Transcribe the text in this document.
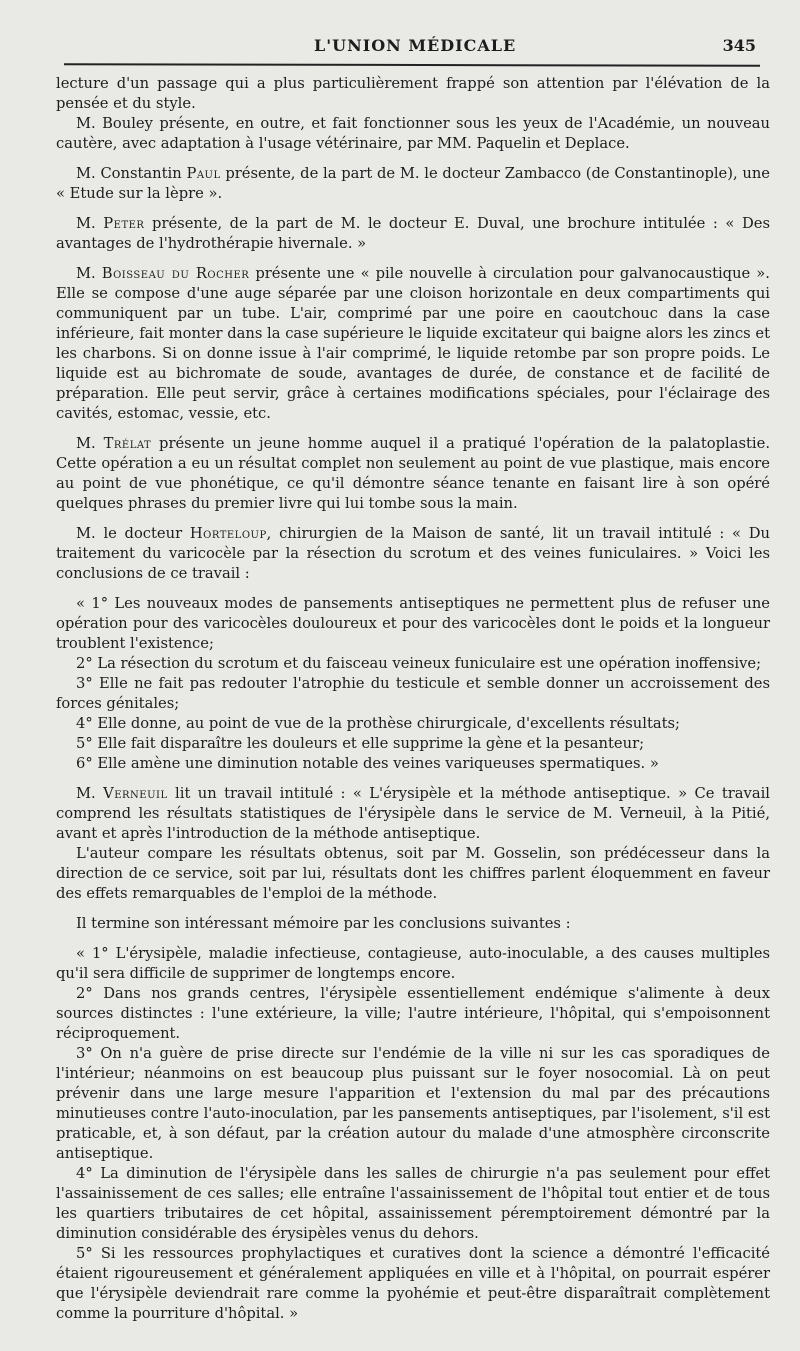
L'UNION MÉDICALE	345

lecture d'un passage qui a plus particulièrement frappé son attention par l'élévation de la pensée et du style.

M. Bouley présente, en outre, et fait fonctionner sous les yeux de l'Académie, un nouveau cautère, avec adaptation à l'usage vétérinaire, par MM. Paquelin et Deplace.

M. Constantin Paul présente, de la part de M. le docteur Zambacco (de Constantinople), une « Etude sur la lèpre ».

M. Peter présente, de la part de M. le docteur E. Duval, une brochure intitulée : « Des avantages de l'hydrothérapie hivernale. »

M. Boisseau du Rocher présente une « pile nouvelle à circulation pour galvanocaustique ». Elle se compose d'une auge séparée par une cloison horizontale en deux compartiments qui communiquent par un tube. L'air, comprimé par une poire en caoutchouc dans la case inférieure, fait monter dans la case supérieure le liquide excitateur qui baigne alors les zincs et les charbons. Si on donne issue à l'air comprimé, le liquide retombe par son propre poids. Le liquide est au bichromate de soude, avantages de durée, de constance et de facilité de préparation. Elle peut servir, grâce à certaines modifications spéciales, pour l'éclairage des cavités, estomac, vessie, etc.

M. Trélat présente un jeune homme auquel il a pratiqué l'opération de la palatoplastie. Cette opération a eu un résultat complet non seulement au point de vue plastique, mais encore au point de vue phonétique, ce qu'il démontre séance tenante en faisant lire à son opéré quelques phrases du premier livre qui lui tombe sous la main.

M. le docteur Horteloup, chirurgien de la Maison de santé, lit un travail intitulé : « Du traitement du varicocèle par la résection du scrotum et des veines funiculaires. » Voici les conclusions de ce travail :

« 1° Les nouveaux modes de pansements antiseptiques ne permettent plus de refuser une opération pour des varicocèles douloureux et pour des varicocèles dont le poids et la longueur troublent l'existence;

2° La résection du scrotum et du faisceau veineux funiculaire est une opération inoffensive;

3° Elle ne fait pas redouter l'atrophie du testicule et semble donner un accroissement des forces génitales;

4° Elle donne, au point de vue de la prothèse chirurgicale, d'excellents résultats;

5° Elle fait disparaître les douleurs et elle supprime la gène et la pesanteur;

6° Elle amène une diminution notable des veines variqueuses spermatiques. »

M. Verneuil lit un travail intitulé : « L'érysipèle et la méthode antiseptique. » Ce travail comprend les résultats statistiques de l'érysipèle dans le service de M. Verneuil, à la Pitié, avant et après l'introduction de la méthode antiseptique.

L'auteur compare les résultats obtenus, soit par M. Gosselin, son prédécesseur dans la direction de ce service, soit par lui, résultats dont les chiffres parlent éloquemment en faveur des effets remarquables de l'emploi de la méthode.

Il termine son intéressant mémoire par les conclusions suivantes :

« 1° L'érysipèle, maladie infectieuse, contagieuse, auto-inoculable, a des causes multiples qu'il sera difficile de supprimer de longtemps encore.

2° Dans nos grands centres, l'érysipèle essentiellement endémique s'alimente à deux sources distinctes : l'une extérieure, la ville; l'autre intérieure, l'hôpital, qui s'empoisonnent réciproquement.

3° On n'a guère de prise directe sur l'endémie de la ville ni sur les cas sporadiques de l'intérieur; néanmoins on est beaucoup plus puissant sur le foyer nosocomial. Là on peut prévenir dans une large mesure l'apparition et l'extension du mal par des précautions minutieuses contre l'auto-inoculation, par les pansements antiseptiques, par l'isolement, s'il est praticable, et, à son défaut, par la création autour du malade d'une atmosphère circonscrite antiseptique.

4° La diminution de l'érysipèle dans les salles de chirurgie n'a pas seulement pour effet l'assainissement de ces salles; elle entraîne l'assainissement de l'hôpital tout entier et de tous les quartiers tributaires de cet hôpital, assainissement péremptoirement démontré par la diminution considérable des érysipèles venus du dehors.

5° Si les ressources prophylactiques et curatives dont la science a démontré l'efficacité étaient rigoureusement et généralement appliquées en ville et à l'hôpital, on pourrait espérer que l'érysipèle deviendrait rare comme la pyohémie et peut-être disparaîtrait complètement comme la pourriture d'hôpital. »
